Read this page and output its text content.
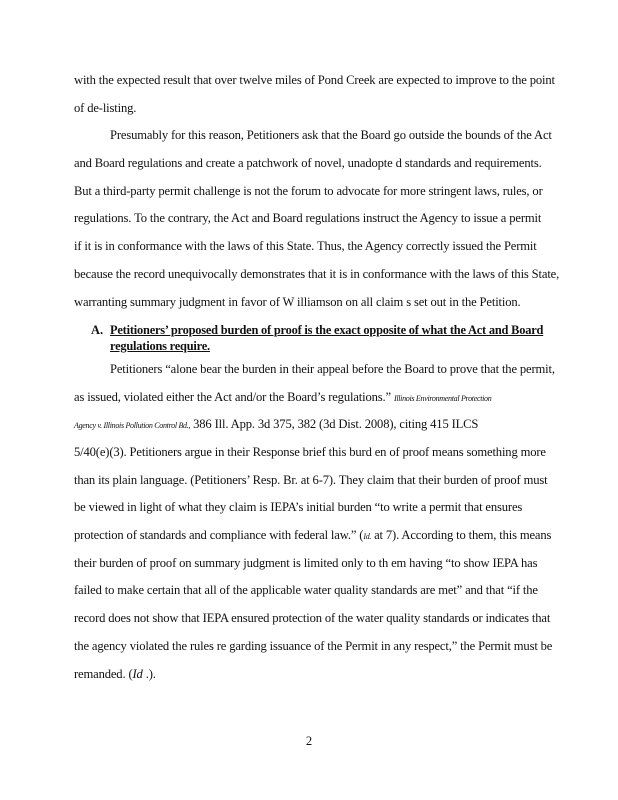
with the expected result that over twelve miles of Pond Creek are expected to improve to the point
of de-listing.
Presumably for this reason, Petitioners ask that the Board go outside the bounds of the Act
and Board regulations and create a patchwork of novel, unadopte d standards and requirements.
But a third-party permit challenge is not the forum to advocate for more stringent laws, rules, or
regulations. To the contrary, the Act and Board regulations instruct the Agency to issue a permit
if it is in conformance with the laws of this State. Thus, the Agency correctly issued the Permit
because the record unequivocally demonstrates that it is in conformance with the laws of this State,
warranting summary judgment in favor of W illiamson on all claim s set out in the Petition.
A. Petitioners’ proposed burden of proof is the exact opposite of what the Act and Board
regulations require.
Petitioners “alone bear the burden in their appeal before the Board to prove that the permit,
as issued, violated either the Act and/or the Board’s regulations.” Illinois Environmental Protection
Agency v. Illinois Pollution Control Bd., 386 Ill. App. 3d 375, 382 (3d Dist. 2008), citing 415 ILCS
5/40(e)(3). Petitioners argue in their Response brief this burd en of proof means something more
than its plain language. (Petitioners’ Resp. Br. at 6-7). They claim that their burden of proof must
be viewed in light of what they claim is IEPA’s initial burden “to write a permit that ensures
protection of standards and compliance with federal law.” (Id. at 7). According to them, this means
their burden of proof on summary judgment is limited only to th em having “to show IEPA has
failed to make certain that all of the applicable water quality standards are met” and that “if the
record does not show that IEPA ensured protection of the water quality standards or indicates that
the agency violated the rules re garding issuance of the Permit in any respect,” the Permit must be
remanded. (Id .).
2
